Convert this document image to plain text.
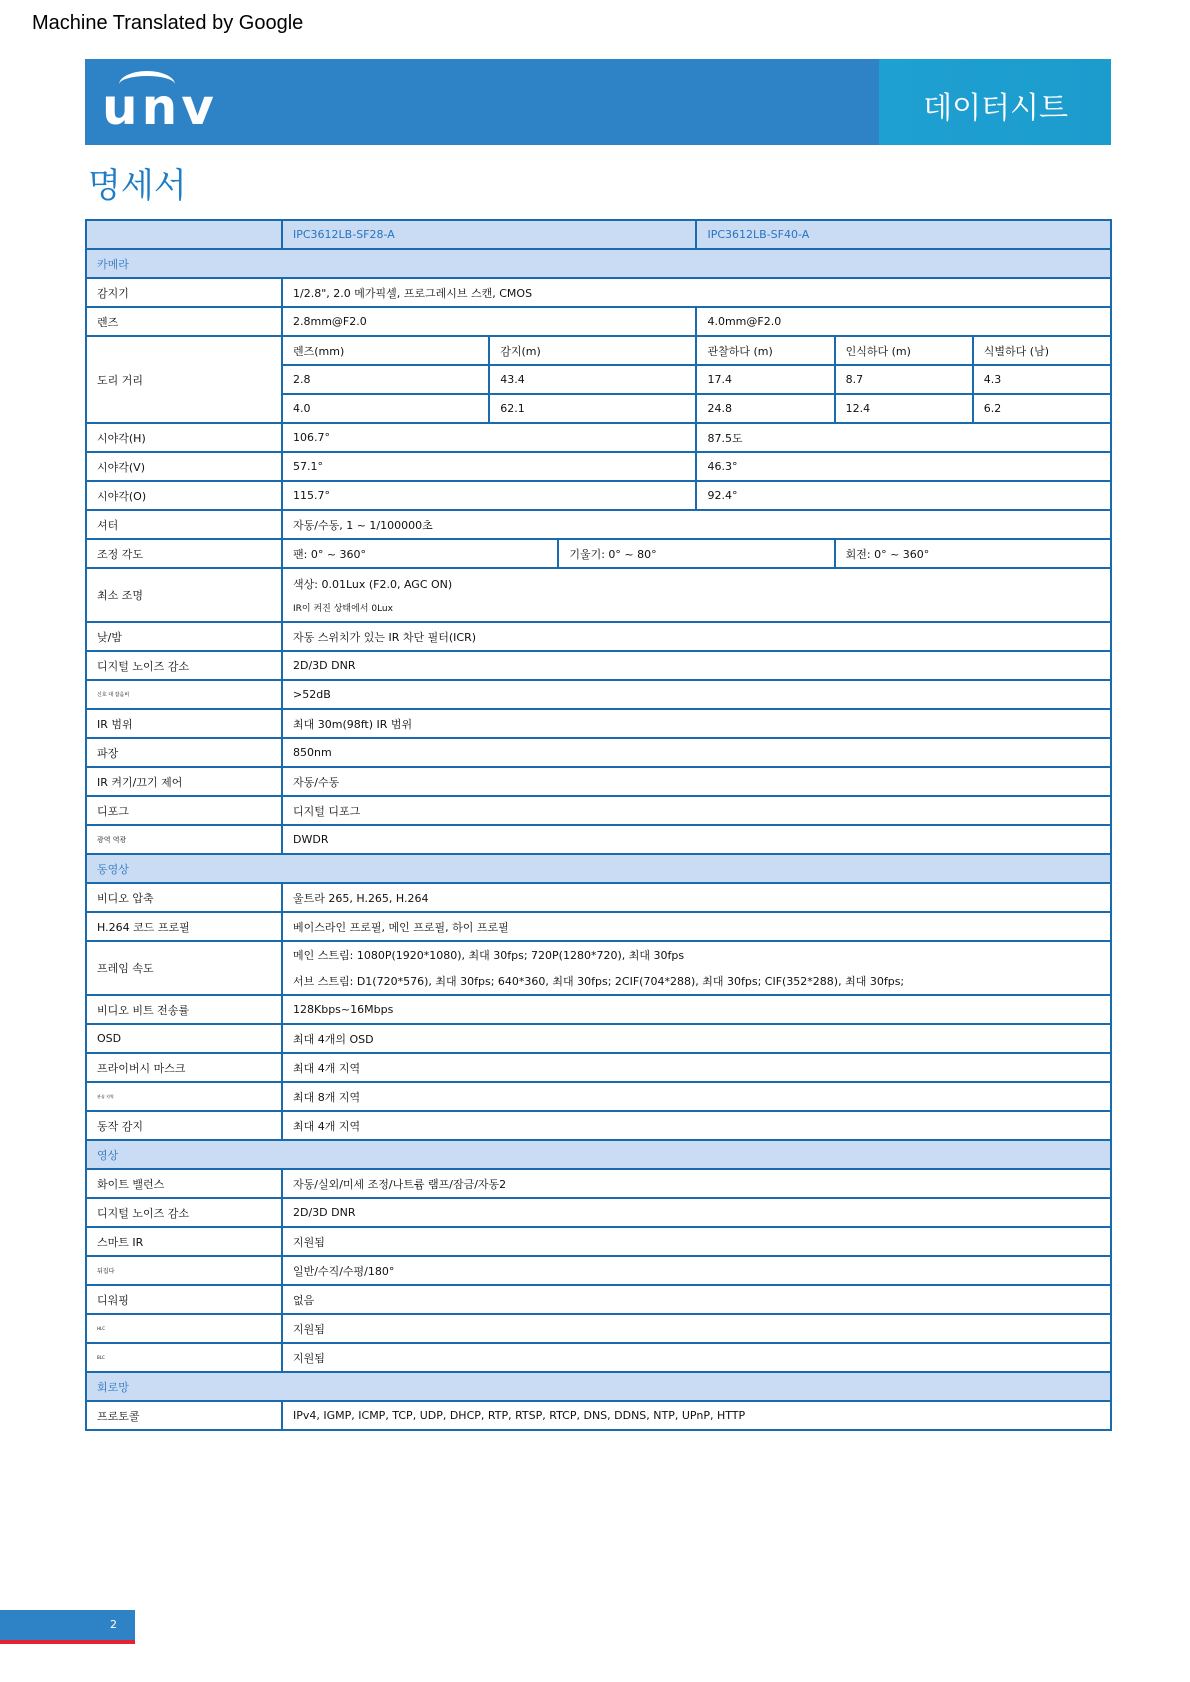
Machine Translated by Google
unv	데이터시트
명세서
	IPC3612LB-SF28-A			IPC3612LB-SF40-A		
카메라						
감지기	1/2.8", 2.0 메가픽셀, 프로그레시브 스캔, CMOS					
렌즈	2.8mm@F2.0			4.0mm@F2.0		
도리 거리	렌즈(mm)	감지(m)		관찰하다 (m)	인식하다 (m)	식별하다 (남)
	2.8	43.4		17.4	8.7	4.3
	4.0	62.1		24.8	12.4	6.2
시야각(H)	106.7°			87.5도		
시야각(V)	57.1°			46.3°		
시야각(O)	115.7°			92.4°		
셔터	자동/수동, 1 ~ 1/100000초					
조정 각도	팬: 0° ~ 360°		기울기: 0° ~ 80°		회전: 0° ~ 360°	
최소 조명	색상: 0.01Lux (F2.0, AGC ON)
IR이 켜진 상태에서 0Lux					

낮/밤	자동 스위치가 있는 IR 차단 필터(ICR)					
디지털 노이즈 감소	2D/3D DNR					
신호 대 잡음비	>52dB					
IR 범위	최대 30m(98ft) IR 범위					
파장	850nm					
IR 켜기/끄기 제어	자동/수동					
디포그	디지털 디포그					
광역 역광	DWDR					
동영상						
비디오 압축	울트라 265, H.265, H.264					
H.264 코드 프로필	베이스라인 프로필, 메인 프로필, 하이 프로필					
프레임 속도	메인 스트림: 1080P(1920*1080), 최대 30fps; 720P(1280*720), 최대 30fps
서브 스트림: D1(720*576), 최대 30fps; 640*360, 최대 30fps; 2CIF(704*288), 최대 30fps; CIF(352*288), 최대 30fps;					

비디오 비트 전송률	128Kbps~16Mbps					
OSD	최대 4개의 OSD					
프라이버시 마스크	최대 4개 지역					
관심 지역	최대 8개 지역					
동작 감지	최대 4개 지역					
영상						
화이트 밸런스	자동/실외/미세 조정/나트륨 램프/잠금/자동2					
디지털 노이즈 감소	2D/3D DNR					
스마트 IR	지원됨					
뒤집다	일반/수직/수평/180°					
디워핑	없음					
HLC	지원됨					
BLC	지원됨					
회로망						
프로토콜	IPv4, IGMP, ICMP, TCP, UDP, DHCP, RTP, RTSP, RTCP, DNS, DDNS, NTP, UPnP, HTTP					
2
